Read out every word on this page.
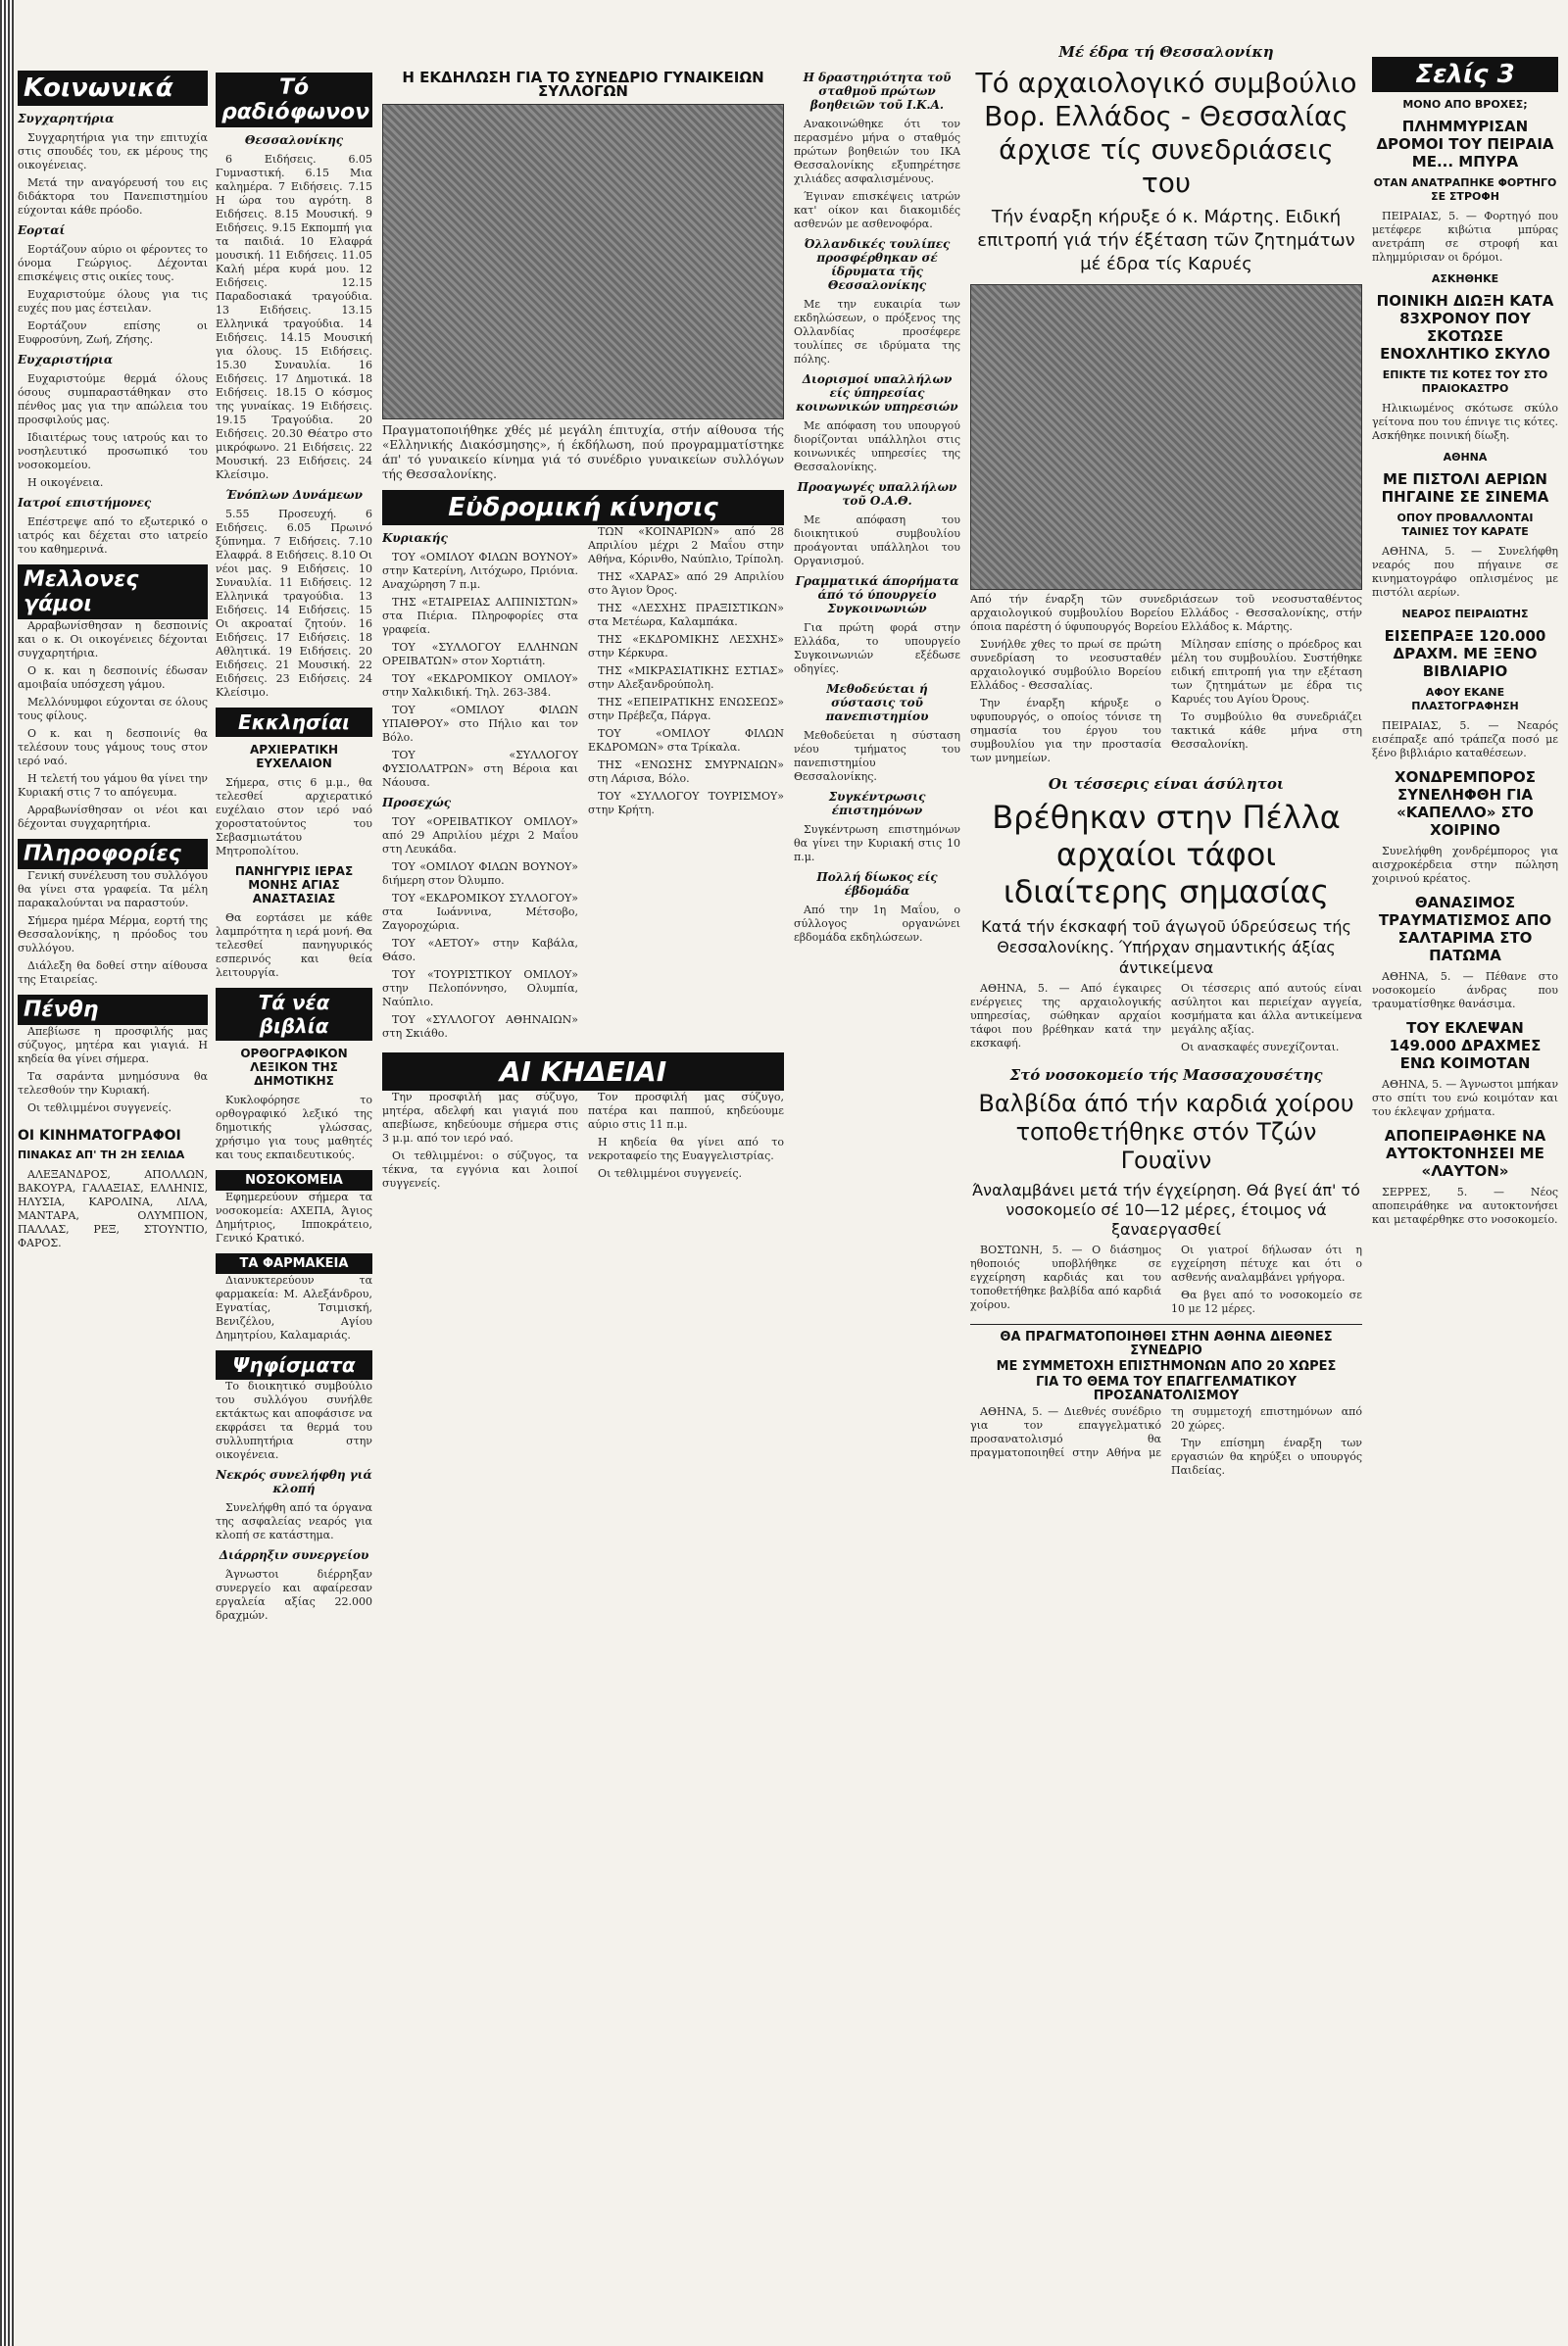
Κοινωνικά
Συγχαρητήρια

Συγχαρητήρια για την επιτυχία στις σπουδές του, εκ μέρους της οικογένειας.

Μετά την αναγόρευσή του εις διδάκτορα του Πανεπιστημίου εύχονται κάθε πρόοδο.

Εορταί

Εορτάζουν αύριο οι φέροντες το όνομα Γεώργιος. Δέχονται επισκέψεις στις οικίες τους.

Ευχαριστούμε όλους για τις ευχές που μας έστειλαν.

Εορτάζουν επίσης οι Ευφροσύνη, Ζωή, Ζήσης.

Ευχαριστήρια

Ευχαριστούμε θερμά όλους όσους συμπαραστάθηκαν στο πένθος μας για την απώλεια του προσφιλούς μας.

Ιδιαιτέρως τους ιατρούς και το νοσηλευτικό προσωπικό του νοσοκομείου.

Η οικογένεια.

Ιατροί επιστήμονες

Επέστρεψε από το εξωτερικό ο ιατρός και δέχεται στο ιατρείο του καθημερινά.

Μελλονες γάμοι

Αρραβωνίσθησαν η δεσποινίς και ο κ. Οι οικογένειες δέχονται συγχαρητήρια.

Ο κ. και η δεσποινίς έδωσαν αμοιβαία υπόσχεση γάμου.

Μελλόνυμφοι εύχονται σε όλους τους φίλους.

Ο κ. και η δεσποινίς θα τελέσουν τους γάμους τους στον ιερό ναό.

Η τελετή του γάμου θα γίνει την Κυριακή στις 7 το απόγευμα.

Αρραβωνίσθησαν οι νέοι και δέχονται συγχαρητήρια.

Πληροφορίες

Γενική συνέλευση του συλλόγου θα γίνει στα γραφεία. Τα μέλη παρακαλούνται να παραστούν.

Σήμερα ημέρα Μέρμα, εορτή της Θεσσαλονίκης, η πρόοδος του συλλόγου.

Διάλεξη θα δοθεί στην αίθουσα της Εταιρείας.

Πένθη

Απεβίωσε η προσφιλής μας σύζυγος, μητέρα και γιαγιά. Η κηδεία θα γίνει σήμερα.

Τα σαράντα μνημόσυνα θα τελεσθούν την Κυριακή.

Οι τεθλιμμένοι συγγενείς.

ΟΙ ΚΙΝΗΜΑΤΟΓΡΑΦΟΙ
ΠΙΝΑΚΑΣ ΑΠ' ΤΗ 2Η ΣΕΛΙΔΑ

ΑΛΕΞΑΝΔΡΟΣ, ΑΠΟΛΛΩΝ, ΒΑΚΟΥΡΑ, ΓΑΛΑΞΙΑΣ, ΕΛΛΗΝΙΣ, ΗΛΥΣΙΑ, ΚΑΡΟΛΙΝΑ, ΛΙΛΑ, ΜΑΝΤΑΡΑ, ΟΛΥΜΠΙΟΝ, ΠΑΛΛΑΣ, ΡΕΞ, ΣΤΟΥΝΤΙΟ, ΦΑΡΟΣ.

Τό ραδιόφωνον
Θεσσαλονίκης

6 Ειδήσεις. 6.05 Γυμναστική. 6.15 Μια καλημέρα. 7 Ειδήσεις. 7.15 Η ώρα του αγρότη. 8 Ειδήσεις. 8.15 Μουσική. 9 Ειδήσεις. 9.15 Εκπομπή για τα παιδιά. 10 Ελαφρά μουσική. 11 Ειδήσεις. 11.05 Καλή μέρα κυρά μου. 12 Ειδήσεις. 12.15 Παραδοσιακά τραγούδια. 13 Ειδήσεις. 13.15 Ελληνικά τραγούδια. 14 Ειδήσεις. 14.15 Μουσική για όλους. 15 Ειδήσεις. 15.30 Συναυλία. 16 Ειδήσεις. 17 Δημοτικά. 18 Ειδήσεις. 18.15 Ο κόσμος της γυναίκας. 19 Ειδήσεις. 19.15 Τραγούδια. 20 Ειδήσεις. 20.30 Θέατρο στο μικρόφωνο. 21 Ειδήσεις. 22 Μουσική. 23 Ειδήσεις. 24 Κλείσιμο.

Ένόπλων Δυνάμεων

5.55 Προσευχή. 6 Ειδήσεις. 6.05 Πρωινό ξύπνημα. 7 Ειδήσεις. 7.10 Ελαφρά. 8 Ειδήσεις. 8.10 Οι νέοι μας. 9 Ειδήσεις. 10 Συναυλία. 11 Ειδήσεις. 12 Ελληνικά τραγούδια. 13 Ειδήσεις. 14 Ειδήσεις. 15 Οι ακροαταί ζητούν. 16 Ειδήσεις. 17 Ειδήσεις. 18 Αθλητικά. 19 Ειδήσεις. 20 Ειδήσεις. 21 Μουσική. 22 Ειδήσεις. 23 Ειδήσεις. 24 Κλείσιμο.

Εκκλησίαι
ΑΡΧΙΕΡΑΤΙΚΗ ΕΥΧΕΛΑΙΟΝ

Σήμερα, στις 6 μ.μ., θα τελεσθεί αρχιερατικό ευχέλαιο στον ιερό ναό χοροστατούντος του Σεβασμιωτάτου Μητροπολίτου.

ΠΑΝΗΓΥΡΙΣ ΙΕΡΑΣ ΜΟΝΗΣ ΑΓΙΑΣ ΑΝΑΣΤΑΣΙΑΣ

Θα εορτάσει με κάθε λαμπρότητα η ιερά μονή. Θα τελεσθεί πανηγυρικός εσπερινός και θεία λειτουργία.

Τά νέα βιβλία
ΟΡΘΟΓΡΑΦΙΚΟΝ ΛΕΞΙΚΟΝ ΤΗΣ ΔΗΜΟΤΙΚΗΣ

Κυκλοφόρησε το ορθογραφικό λεξικό της δημοτικής γλώσσας, χρήσιμο για τους μαθητές και τους εκπαιδευτικούς.

ΝΟΣΟΚΟΜΕΙΑ

Εφημερεύουν σήμερα τα νοσοκομεία: ΑΧΕΠΑ, Άγιος Δημήτριος, Ιπποκράτειο, Γενικό Κρατικό.

ΤΑ ΦΑΡΜΑΚΕΙΑ

Διανυκτερεύουν τα φαρμακεία: Μ. Αλεξάνδρου, Εγνατίας, Τσιμισκή, Βενιζέλου, Αγίου Δημητρίου, Καλαμαριάς.

Ψηφίσματα

Το διοικητικό συμβούλιο του συλλόγου συνήλθε εκτάκτως και αποφάσισε να εκφράσει τα θερμά του συλλυπητήρια στην οικογένεια.

Νεκρός συνελήφθη γιά κλοπή

Συνελήφθη από τα όργανα της ασφαλείας νεαρός για κλοπή σε κατάστημα.

Διάρρηξιν συνεργείου

Άγνωστοι διέρρηξαν συνεργείο και αφαίρεσαν εργαλεία αξίας 22.000 δραχμών.

Η ΕΚΔΗΛΩΣΗ ΓΙΑ ΤΟ ΣΥΝΕΔΡΙΟ ΓΥΝΑΙΚΕΙΩΝ ΣΥΛΛΟΓΩΝ
Πραγματοποιήθηκε χθές μέ μεγάλη έπιτυχία, στήν αίθουσα τής «Ελληνικής Διακόσμησης», ή έκδήλωση, πού προγραμματίστηκε άπ' τό γυναικείο κίνημα γιά τό συνέδριο γυναικείων συλλόγων τής Θεσσαλονίκης.
Εὐδρομική κίνησις
Κυριακής

ΤΟΥ «ΟΜΙΛΟΥ ΦΙΛΩΝ ΒΟΥΝΟΥ» στην Κατερίνη, Λιτόχωρο, Πριόνια. Αναχώρηση 7 π.μ.

ΤΗΣ «ΕΤΑΙΡΕΙΑΣ ΑΛΠΙΝΙΣΤΩΝ» στα Πιέρια. Πληροφορίες στα γραφεία.

ΤΟΥ «ΣΥΛΛΟΓΟΥ ΕΛΛΗΝΩΝ ΟΡΕΙΒΑΤΩΝ» στον Χορτιάτη.

ΤΟΥ «ΕΚΔΡΟΜΙΚΟΥ ΟΜΙΛΟΥ» στην Χαλκιδική. Τηλ. 263-384.

ΤΟΥ «ΟΜΙΛΟΥ ΦΙΛΩΝ ΥΠΑΙΘΡΟΥ» στο Πήλιο και τον Βόλο.

ΤΟΥ «ΣΥΛΛΟΓΟΥ ΦΥΣΙΟΛΑΤΡΩΝ» στη Βέροια και Νάουσα.

Προσεχώς

ΤΟΥ «ΟΡΕΙΒΑΤΙΚΟΥ ΟΜΙΛΟΥ» από 29 Απριλίου μέχρι 2 Μαΐου στη Λευκάδα.

ΤΟΥ «ΟΜΙΛΟΥ ΦΙΛΩΝ ΒΟΥΝΟΥ» διήμερη στον Όλυμπο.

ΤΟΥ «ΕΚΔΡΟΜΙΚΟΥ ΣΥΛΛΟΓΟΥ» στα Ιωάννινα, Μέτσοβο, Ζαγοροχώρια.

ΤΟΥ «ΑΕΤΟΥ» στην Καβάλα, Θάσο.

ΤΟΥ «ΤΟΥΡΙΣΤΙΚΟΥ ΟΜΙΛΟΥ» στην Πελοπόννησο, Ολυμπία, Ναύπλιο.

ΤΟΥ «ΣΥΛΛΟΓΟΥ ΑΘΗΝΑΙΩΝ» στη Σκιάθο.

ΤΩΝ «ΚΟΙΝΑΡΙΩΝ» από 28 Απριλίου μέχρι 2 Μαΐου στην Αθήνα, Κόρινθο, Ναύπλιο, Τρίπολη.

ΤΗΣ «ΧΑΡΑΣ» από 29 Απριλίου στο Άγιον Όρος.

ΤΗΣ «ΛΕΣΧΗΣ ΠΡΑΞΙΣΤΙΚΩΝ» στα Μετέωρα, Καλαμπάκα.

ΤΗΣ «ΕΚΔΡΟΜΙΚΗΣ ΛΕΣΧΗΣ» στην Κέρκυρα.

ΤΗΣ «ΜΙΚΡΑΣΙΑΤΙΚΗΣ ΕΣΤΙΑΣ» στην Αλεξανδρούπολη.

ΤΗΣ «ΕΠΕΙΡΑΤΙΚΗΣ ΕΝΩΣΕΩΣ» στην Πρέβεζα, Πάργα.

ΤΟΥ «ΟΜΙΛΟΥ ΦΙΛΩΝ ΕΚΔΡΟΜΩΝ» στα Τρίκαλα.

ΤΗΣ «ΕΝΩΣΗΣ ΣΜΥΡΝΑΙΩΝ» στη Λάρισα, Βόλο.

ΤΟΥ «ΣΥΛΛΟΓΟΥ ΤΟΥΡΙΣΜΟΥ» στην Κρήτη.

ΑΙ ΚΗΔΕΙΑΙ

Την προσφιλή μας σύζυγο, μητέρα, αδελφή και γιαγιά που απεβίωσε, κηδεύουμε σήμερα στις 3 μ.μ. από τον ιερό ναό.

Οι τεθλιμμένοι: ο σύζυγος, τα τέκνα, τα εγγόνια και λοιποί συγγενείς.

Τον προσφιλή μας σύζυγο, πατέρα και παππού, κηδεύουμε αύριο στις 11 π.μ.

Η κηδεία θα γίνει από το νεκροταφείο της Ευαγγελιστρίας.

Οι τεθλιμμένοι συγγενείς.

Η δραστηριότητα τοῦ σταθμοῦ πρώτων βοηθειῶν τοῦ Ι.Κ.Α.

Ανακοινώθηκε ότι τον περασμένο μήνα ο σταθμός πρώτων βοηθειών του ΙΚΑ Θεσσαλονίκης εξυπηρέτησε χιλιάδες ασφαλισμένους.

Έγιναν επισκέψεις ιατρών κατ' οίκον και διακομιδές ασθενών με ασθενοφόρα.

Όλλανδικές τουλίπες προσφέρθηκαν σέ ίδρυματα τῆς Θεσσαλονίκης

Με την ευκαιρία των εκδηλώσεων, ο πρόξενος της Ολλανδίας προσέφερε τουλίπες σε ιδρύματα της πόλης.

Διορισμοί υπαλλήλων είς ύπηρεσίας κοινωνικών υπηρεσιών

Με απόφαση του υπουργού διορίζονται υπάλληλοι στις κοινωνικές υπηρεσίες της Θεσσαλονίκης.

Προαγωγές υπαλλήλων τοῦ Ο.Α.Θ.

Με απόφαση του διοικητικού συμβουλίου προάγονται υπάλληλοι του Οργανισμού.

Γραμματικά άπορήματα άπό τό ύπουργείο Συγκοινωνιών

Για πρώτη φορά στην Ελλάδα, το υπουργείο Συγκοινωνιών εξέδωσε οδηγίες.

Μεθοδεύεται ή σύστασις τοῦ πανεπιστημίου

Μεθοδεύεται η σύσταση νέου τμήματος του πανεπιστημίου Θεσσαλονίκης.

Συγκέντρωσις έπιστημόνων

Συγκέντρωση επιστημόνων θα γίνει την Κυριακή στις 10 π.μ.

Πολλή δίωκος είς έβδομάδα

Από την 1η Μαΐου, ο σύλλογος οργανώνει εβδομάδα εκδηλώσεων.

Μέ έδρα τή Θεσσαλονίκη
Τό αρχαιολογικό συμβούλιο Βορ. Ελλάδος - Θεσσαλίας άρχισε τίς συνεδριάσεις του
Τήν έναρξη κήρυξε ό κ. Μάρτης. Ειδική επιτροπή γιά τήν έξέταση τῶν ζητημάτων μέ έδρα τίς Καρυές
Από τήν έναρξη τῶν συνεδριάσεων τοῦ νεοσυσταθέντος αρχαιολογικού συμβουλίου Βορείου Ελλάδος - Θεσσαλονίκης, στήν όποια παρέστη ό ύφυπουργός Βορείου Ελλάδος κ. Μάρτης.

Συνήλθε χθες το πρωί σε πρώτη συνεδρίαση το νεοσυσταθέν αρχαιολογικό συμβούλιο Βορείου Ελλάδος - Θεσσαλίας.

Την έναρξη κήρυξε ο υφυπουργός, ο οποίος τόνισε τη σημασία του έργου του συμβουλίου για την προστασία των μνημείων.

Μίλησαν επίσης ο πρόεδρος και μέλη του συμβουλίου. Συστήθηκε ειδική επιτροπή για την εξέταση των ζητημάτων με έδρα τις Καρυές του Αγίου Όρους.

Το συμβούλιο θα συνεδριάζει τακτικά κάθε μήνα στη Θεσσαλονίκη.

Οι τέσσερις είναι άσύλητοι
Βρέθηκαν στην Πέλλα αρχαίοι τάφοι ιδιαίτερης σημασίας
Κατά τήν έκσκαφή τοῦ άγωγοῦ ύδρεύσεως τής Θεσσαλονίκης. Ύπήρχαν σημαντικής άξίας άντικείμενα

ΑΘΗΝΑ, 5. — Από έγκαιρες ενέργειες της αρχαιολογικής υπηρεσίας, σώθηκαν αρχαίοι τάφοι που βρέθηκαν κατά την εκσκαφή.

Οι τέσσερις από αυτούς είναι ασύλητοι και περιείχαν αγγεία, κοσμήματα και άλλα αντικείμενα μεγάλης αξίας.

Οι ανασκαφές συνεχίζονται.

Στό νοσοκομείο τής Μασσαχουσέτης
Βαλβίδα άπό τήν καρδιά χοίρου τοποθετήθηκε στόν Τζών Γουαϊνν
Άναλαμβάνει μετά τήν έγχείρηση. Θά βγεί άπ' τό νοσοκομείο σέ 10—12 μέρες, έτοιμος νά ξαναεργασθεί

ΒΟΣΤΩΝΗ, 5. — Ο διάσημος ηθοποιός υποβλήθηκε σε εγχείρηση καρδιάς και του τοποθετήθηκε βαλβίδα από καρδιά χοίρου.

Οι γιατροί δήλωσαν ότι η εγχείρηση πέτυχε και ότι ο ασθενής αναλαμβάνει γρήγορα.

Θα βγει από το νοσοκομείο σε 10 με 12 μέρες.

ΘΑ ΠΡΑΓΜΑΤΟΠΟΙΗΘΕΙ ΣΤΗΝ ΑΘΗΝΑ ΔΙΕΘΝΕΣ ΣΥΝΕΔΡΙΟ
ΜΕ ΣΥΜΜΕΤΟΧΗ ΕΠΙΣΤΗΜΟΝΩΝ ΑΠΟ 20 ΧΩΡΕΣ
ΓΙΑ ΤΟ ΘΕΜΑ ΤΟΥ ΕΠΑΓΓΕΛΜΑΤΙΚΟΥ ΠΡΟΣΑΝΑΤΟΛΙΣΜΟΥ

ΑΘΗΝΑ, 5. — Διεθνές συνέδριο για τον επαγγελματικό προσανατολισμό θα πραγματοποιηθεί στην Αθήνα με τη συμμετοχή επιστημόνων από 20 χώρες.

Την επίσημη έναρξη των εργασιών θα κηρύξει ο υπουργός Παιδείας.

Σελίς 3
ΜΟΝΟ ΑΠΟ ΒΡΟΧΕΣ;
ΠΛΗΜΜΥΡΙΣΑΝ ΔΡΟΜΟΙ ΤΟΥ ΠΕΙΡΑΙΑ ΜΕ... ΜΠΥΡΑ
ΟΤΑΝ ΑΝΑΤΡΑΠΗΚΕ ΦΟΡΤΗΓΟ ΣΕ ΣΤΡΟΦΗ

ΠΕΙΡΑΙΑΣ, 5. — Φορτηγό που μετέφερε κιβώτια μπύρας ανετράπη σε στροφή και πλημμύρισαν οι δρόμοι.

ΑΣΚΗΘΗΚΕ
ΠΟΙΝΙΚΗ ΔΙΩΞΗ ΚΑΤΑ 83ΧΡΟΝΟΥ ΠΟΥ ΣΚΟΤΩΣΕ ΕΝΟΧΛΗΤΙΚΟ ΣΚΥΛΟ
ΕΠΙΚΤΕ ΤΙΣ ΚΟΤΕΣ ΤΟΥ ΣΤΟ ΠΡΑΙΟΚΑΣΤΡΟ

Ηλικιωμένος σκότωσε σκύλο γείτονα που του έπνιγε τις κότες. Ασκήθηκε ποινική δίωξη.

ΑΘΗΝΑ
ΜΕ ΠΙΣΤΟΛΙ ΑΕΡΙΩΝ ΠΗΓΑΙΝΕ ΣΕ ΣΙΝΕΜΑ
ΟΠΟΥ ΠΡΟΒΑΛΛΟΝΤΑΙ ΤΑΙΝΙΕΣ ΤΟΥ ΚΑΡΑΤΕ

ΑΘΗΝΑ, 5. — Συνελήφθη νεαρός που πήγαινε σε κινηματογράφο οπλισμένος με πιστόλι αερίων.

ΝΕΑΡΟΣ ΠΕΙΡΑΙΩΤΗΣ
ΕΙΣΕΠΡΑΞΕ 120.000 ΔΡΑΧΜ. ΜΕ ΞΕΝΟ ΒΙΒΛΙΑΡΙΟ
ΑΦΟΥ ΕΚΑΝΕ ΠΛΑΣΤΟΓΡΑΦΗΣΗ

ΠΕΙΡΑΙΑΣ, 5. — Νεαρός εισέπραξε από τράπεζα ποσό με ξένο βιβλιάριο καταθέσεων.

ΧΟΝΔΡΕΜΠΟΡΟΣ ΣΥΝΕΛΗΦΘΗ ΓΙΑ «ΚΑΠΕΛΛΟ» ΣΤΟ ΧΟΙΡΙΝΟ

Συνελήφθη χονδρέμπορος για αισχροκέρδεια στην πώληση χοιρινού κρέατος.

ΘΑΝΑΣΙΜΟΣ ΤΡΑΥΜΑΤΙΣΜΟΣ ΑΠΟ ΣΑΛΤΑΡΙΜΑ ΣΤΟ ΠΑΤΩΜΑ

ΑΘΗΝΑ, 5. — Πέθανε στο νοσοκομείο άνδρας που τραυματίσθηκε θανάσιμα.

ΤΟΥ ΕΚΛΕΨΑΝ 149.000 ΔΡΑΧΜΕΣ ΕΝΩ ΚΟΙΜΟΤΑΝ

ΑΘΗΝΑ, 5. — Άγνωστοι μπήκαν στο σπίτι του ενώ κοιμόταν και του έκλεψαν χρήματα.

ΑΠΟΠΕΙΡΑΘΗΚΕ ΝΑ ΑΥΤΟΚΤΟΝΗΣΕΙ ΜΕ «ΛΑΥΤΟΝ»

ΣΕΡΡΕΣ, 5. — Νέος αποπειράθηκε να αυτοκτονήσει και μεταφέρθηκε στο νοσοκομείο.
